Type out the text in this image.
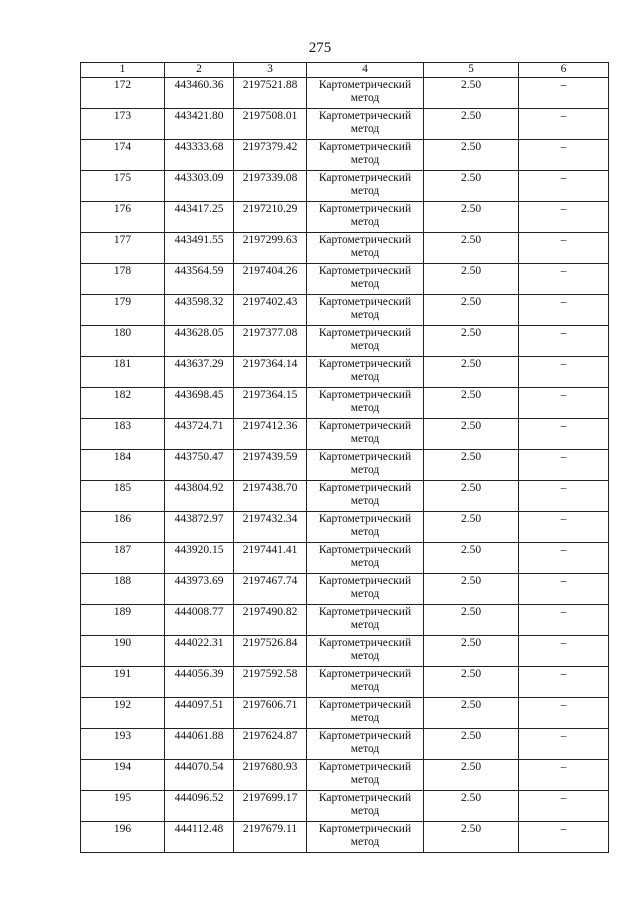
275
1	2	3	4	5	6
172	443460.36	2197521.88	Картометрический метод	2.50	–
173	443421.80	2197508.01	Картометрический метод	2.50	–
174	443333.68	2197379.42	Картометрический метод	2.50	–
175	443303.09	2197339.08	Картометрический метод	2.50	–
176	443417.25	2197210.29	Картометрический метод	2.50	–
177	443491.55	2197299.63	Картометрический метод	2.50	–
178	443564.59	2197404.26	Картометрический метод	2.50	–
179	443598.32	2197402.43	Картометрический метод	2.50	–
180	443628.05	2197377.08	Картометрический метод	2.50	–
181	443637.29	2197364.14	Картометрический метод	2.50	–
182	443698.45	2197364.15	Картометрический метод	2.50	–
183	443724.71	2197412.36	Картометрический метод	2.50	–
184	443750.47	2197439.59	Картометрический метод	2.50	–
185	443804.92	2197438.70	Картометрический метод	2.50	–
186	443872.97	2197432.34	Картометрический метод	2.50	–
187	443920.15	2197441.41	Картометрический метод	2.50	–
188	443973.69	2197467.74	Картометрический метод	2.50	–
189	444008.77	2197490.82	Картометрический метод	2.50	–
190	444022.31	2197526.84	Картометрический метод	2.50	–
191	444056.39	2197592.58	Картометрический метод	2.50	–
192	444097.51	2197606.71	Картометрический метод	2.50	–
193	444061.88	2197624.87	Картометрический метод	2.50	–
194	444070.54	2197680.93	Картометрический метод	2.50	–
195	444096.52	2197699.17	Картометрический метод	2.50	–
196	444112.48	2197679.11	Картометрический метод	2.50	–
